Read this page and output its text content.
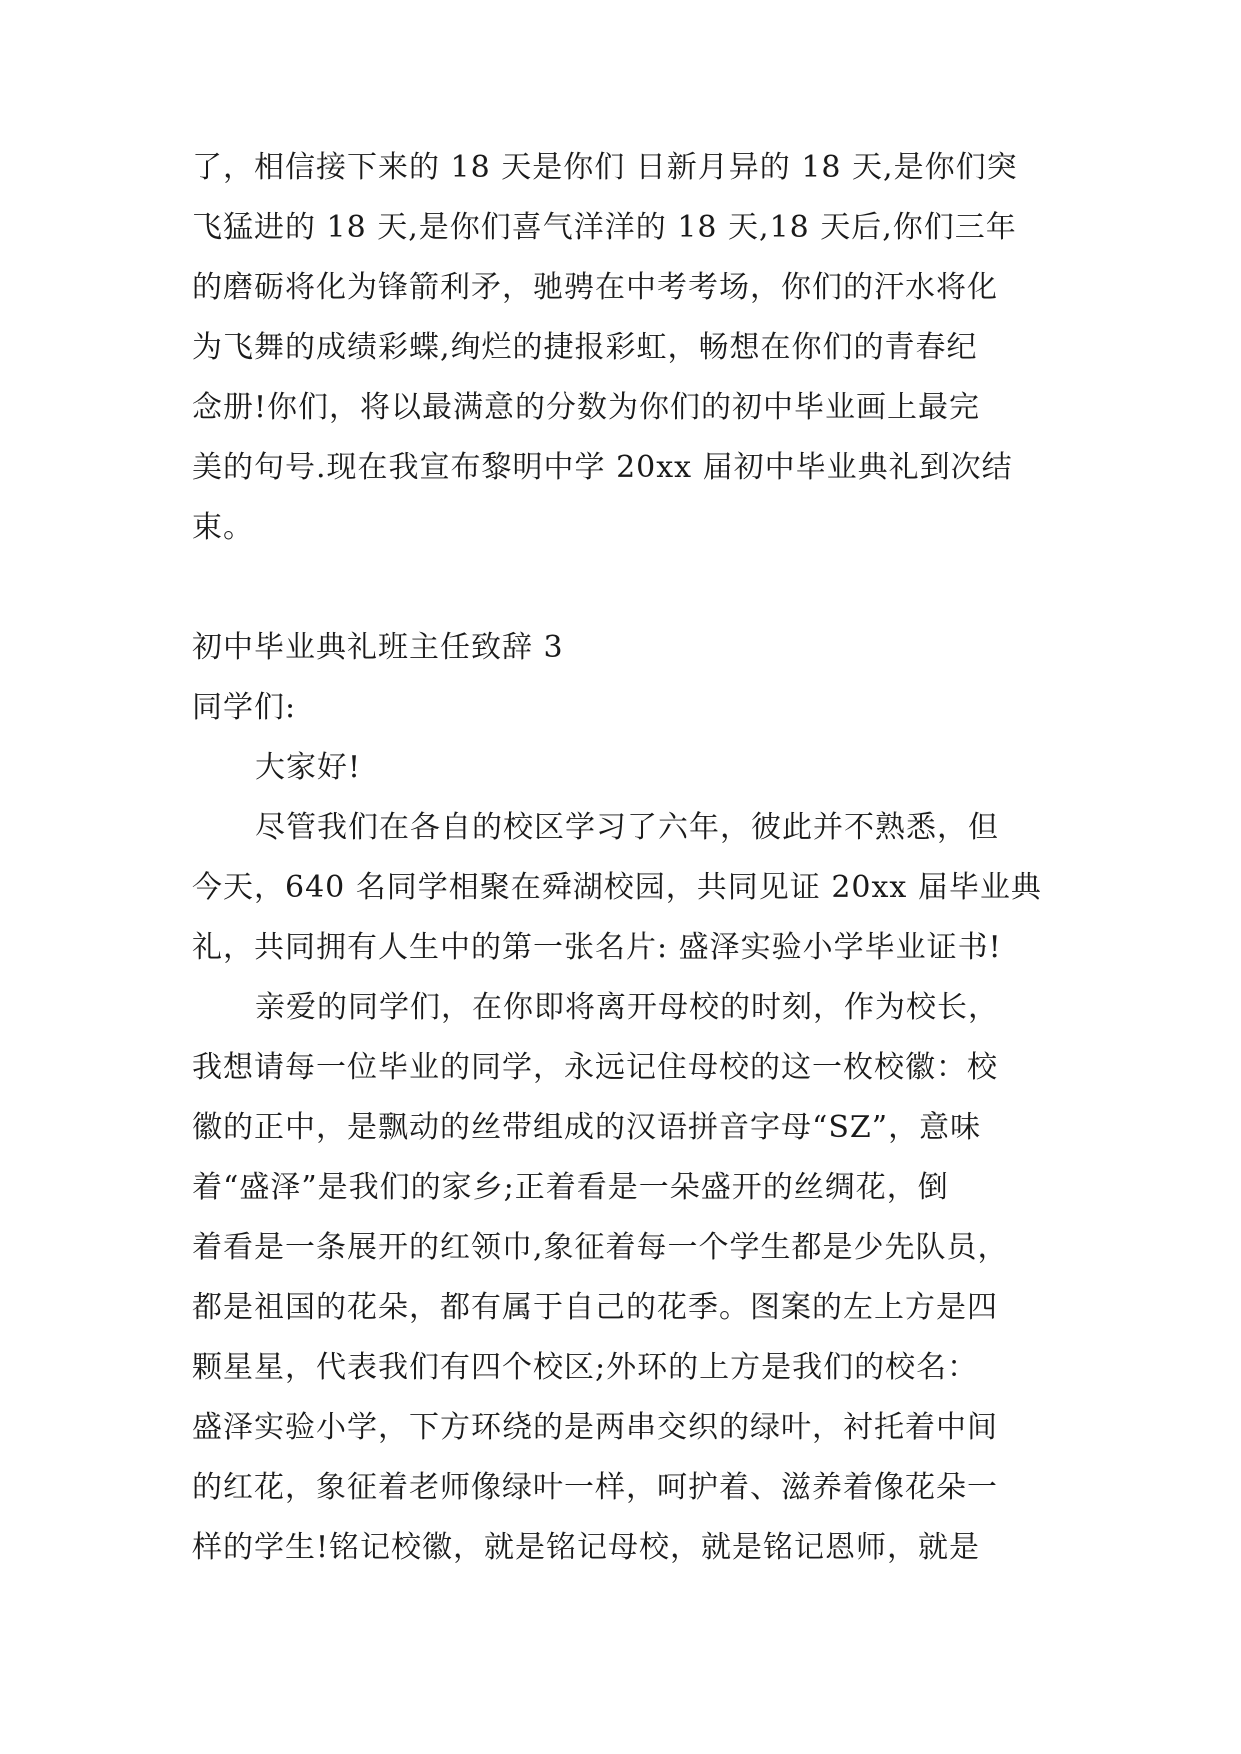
了，相信接下来的 18 天是你们 日新月异的 18 天,是你们突
飞猛进的 18 天,是你们喜气洋洋的 18 天,18 天后,你们三年
的磨砺将化为锋箭利矛，驰骋在中考考场，你们的汗水将化
为飞舞的成绩彩蝶,绚烂的捷报彩虹，畅想在你们的青春纪
念册!你们，将以最满意的分数为你们的初中毕业画上最完
美的句号.现在我宣布黎明中学 20xx 届初中毕业典礼到次结
束。
初中毕业典礼班主任致辞 3
同学们:
大家好!
尽管我们在各自的校区学习了六年，彼此并不熟悉，但
今天，640 名同学相聚在舜湖校园，共同见证 20xx 届毕业典
礼，共同拥有人生中的第一张名片: 盛泽实验小学毕业证书!
亲爱的同学们，在你即将离开母校的时刻，作为校长，
我想请每一位毕业的同学，永远记住母校的这一枚校徽：校
徽的正中，是飘动的丝带组成的汉语拼音字母“SZ”，意味
着“盛泽”是我们的家乡;正着看是一朵盛开的丝绸花，倒
着看是一条展开的红领巾,象征着每一个学生都是少先队员，
都是祖国的花朵，都有属于自己的花季。图案的左上方是四
颗星星，代表我们有四个校区;外环的上方是我们的校名：
盛泽实验小学，下方环绕的是两串交织的绿叶，衬托着中间
的红花，象征着老师像绿叶一样，呵护着、滋养着像花朵一
样的学生!铭记校徽，就是铭记母校，就是铭记恩师，就是
